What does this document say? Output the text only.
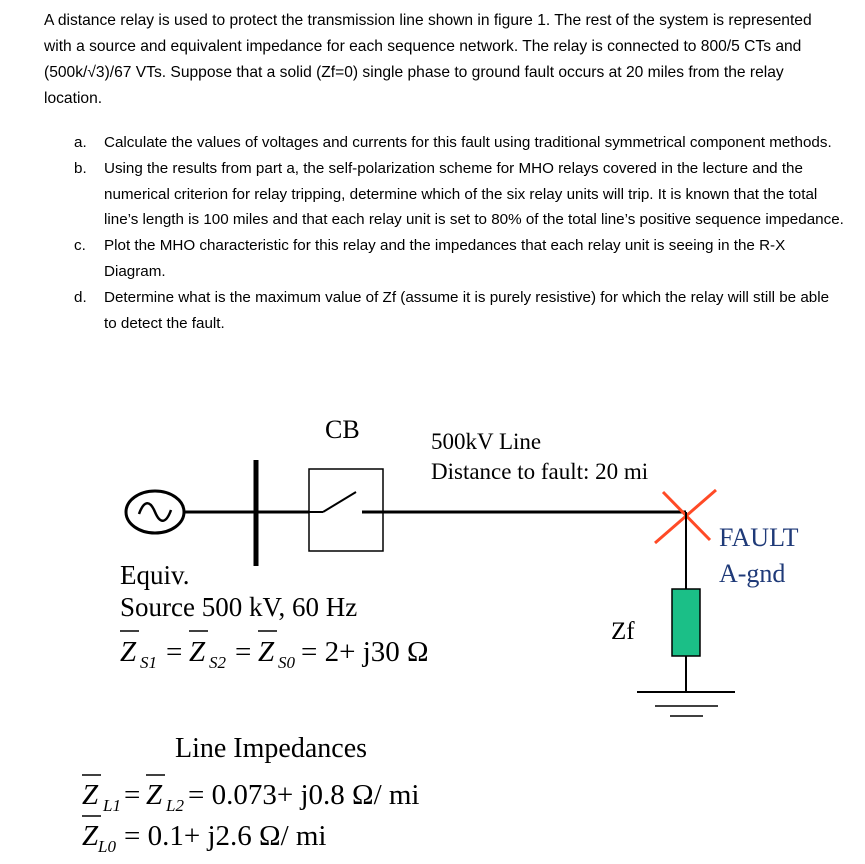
A distance relay is used to protect the transmission line shown in figure 1. The rest of the system is represented with a source and equivalent impedance for each sequence network. The relay is connected to 800/5 CTs and (500k/√3)/67 VTs. Suppose that a solid (Zf=0) single phase to ground fault occurs at 20 miles from the relay location.

a.	Calculate the values of voltages and currents for this fault using traditional symmetrical component methods.
b.	Using the results from part a, the self-polarization scheme for MHO relays covered in the lecture and the numerical criterion for relay tripping, determine which of the six relay units will trip. It is known that the total line’s length is 100 miles and that each relay unit is set to 80% of the total line’s positive sequence impedance.
c.	Plot the MHO characteristic for this relay and the impedances that each relay unit is seeing in the R-X Diagram.
d.	Determine what is the maximum value of Zf (assume it is purely resistive) for which the relay will still be able to detect the fault.
CB	500kV Line
Distance to fault: 20 mi
FAULT
A-gnd
Zf
Equiv.
Source 500 kV, 60 Hz
Z S1 = Z S2 = Z S0 = 2+ j30 Ω
Line Impedances
Z L1 = Z L2 = 0.073+ j0.8 Ω/ mi
Z L0 = 0.1+ j2.6 Ω/ mi
